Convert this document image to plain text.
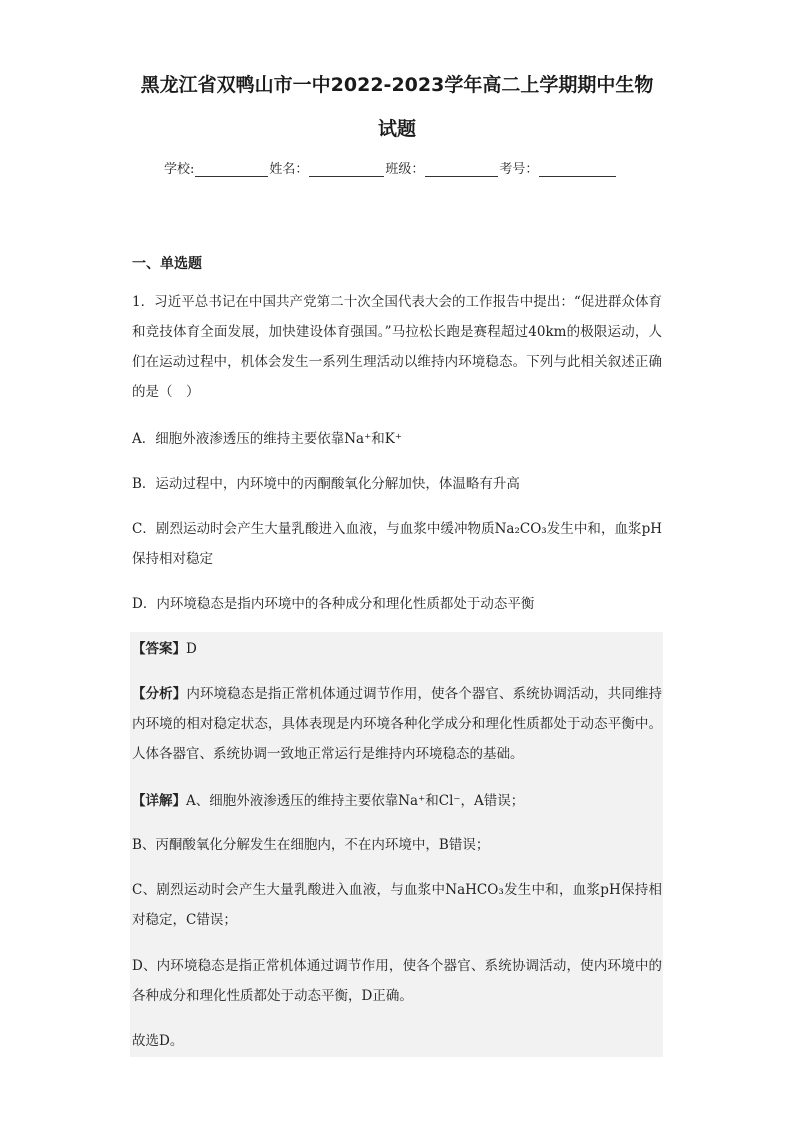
黑龙江省双鸭山市一中2022-2023学年高二上学期期中生物
试题
学校:	姓名：	班级：	考号：
一、单选题

1．习近平总书记在中国共产党第二十次全国代表大会的工作报告中提出：“促进群众体育和竞技体育全面发展，加快建设体育强国。”马拉松长跑是赛程超过40km的极限运动，人们在运动过程中，机体会发生一系列生理活动以维持内环境稳态。下列与此相关叙述正确的是（　）

A．细胞外液渗透压的维持主要依靠Na⁺和K⁺

B．运动过程中，内环境中的丙酮酸氧化分解加快，体温略有升高

C．剧烈运动时会产生大量乳酸进入血液，与血浆中缓冲物质Na₂CO₃发生中和，血浆pH保持相对稳定

D．内环境稳态是指内环境中的各种成分和理化性质都处于动态平衡

【答案】D

【分析】内环境稳态是指正常机体通过调节作用，使各个器官、系统协调活动，共同维持内环境的相对稳定状态，具体表现是内环境各种化学成分和理化性质都处于动态平衡中。人体各器官、系统协调一致地正常运行是维持内环境稳态的基础。

【详解】A、细胞外液渗透压的维持主要依靠Na⁺和Cl⁻，A错误；

B、丙酮酸氧化分解发生在细胞内，不在内环境中，B错误；

C、剧烈运动时会产生大量乳酸进入血液，与血浆中NaHCO₃发生中和，血浆pH保持相对稳定，C错误；

D、内环境稳态是指正常机体通过调节作用，使各个器官、系统协调活动，使内环境中的各种成分和理化性质都处于动态平衡，D正确。

故选D。
